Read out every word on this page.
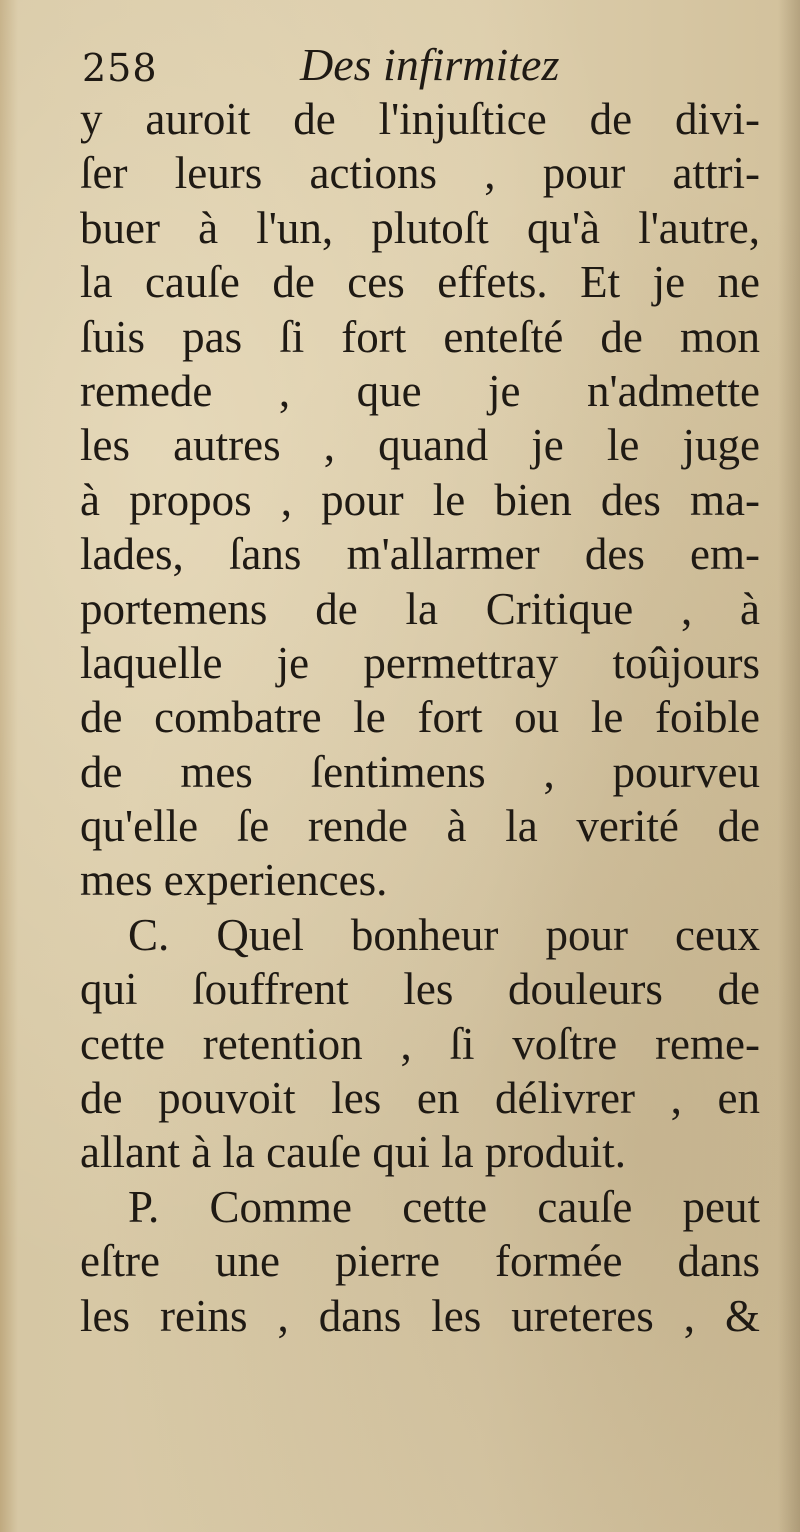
258	Des infirmitez
y auroit de l'injuſtice de divi-
ſer leurs actions , pour attri-
buer à l'un, plutoſt qu'à l'autre,
la cauſe de ces effets. Et je ne
ſuis pas ſi fort enteſté de mon
remede , que je n'admette
les autres , quand je le juge
à propos , pour le bien des ma-
lades, ſans m'allarmer des em-
portemens de la Critique , à
laquelle je permettray toûjours
de combatre le fort ou le foible
de mes ſentimens , pourveu
qu'elle ſe rende à la verité de
mes experiences.
C. Quel bonheur pour ceux
qui ſouffrent les douleurs de
cette retention , ſi voſtre reme-
de pouvoit les en délivrer , en
allant à la cauſe qui la produit.
P. Comme cette cauſe peut
eſtre une pierre formée dans
les reins , dans les ureteres , &
